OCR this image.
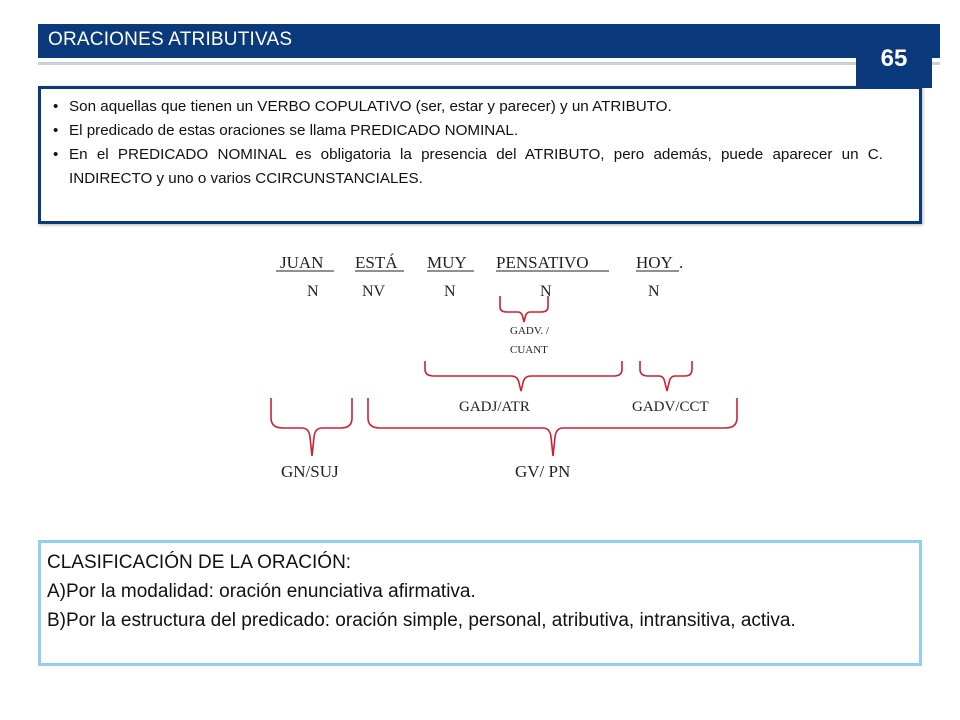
ORACIONES ATRIBUTIVAS
65
• Son aquellas que tienen un VERBO COPULATIVO (ser, estar y parecer) y un ATRIBUTO.
• El predicado de estas oraciones se llama PREDICADO NOMINAL.
• En el PREDICADO NOMINAL es obligatoria la presencia del ATRIBUTO, pero además, puede aparecer un C. INDIRECTO y uno o varios CCIRCUNSTANCIALES.
JUAN ESTÁ MUY PENSATIVO	HOY .
N	NV	N	N	N
GADV. /
CUANT
GADJ/ATR	GADV/CCT
GN/SUJ	GV/ PN
CLASIFICACIÓN DE LA ORACIÓN:
A)Por la modalidad: oración enunciativa afirmativa.
B)Por la estructura del predicado: oración simple, personal, atributiva, intransitiva, activa.
